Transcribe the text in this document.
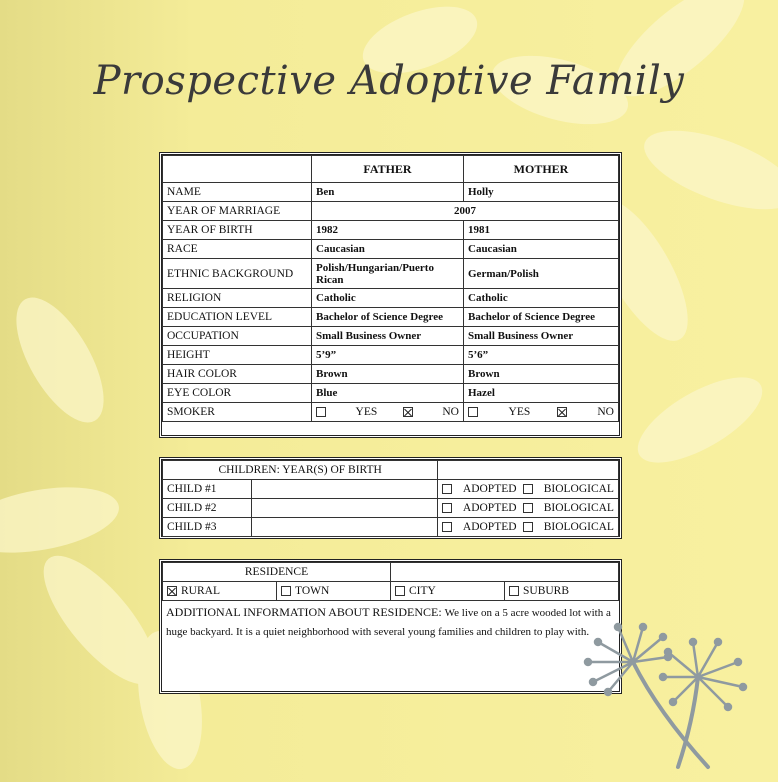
Prospective Adoptive Family
	FATHER	MOTHER
NAME	Ben	Holly
YEAR OF MARRIAGE	2007	
YEAR OF BIRTH	1982	1981
RACE	Caucasian	Caucasian
ETHNIC BACKGROUND	Polish/Hungarian/Puerto Rican	German/Polish
RELIGION	Catholic	Catholic
EDUCATION LEVEL	Bachelor of Science Degree	Bachelor of Science Degree
OCCUPATION	Small Business Owner	Small Business Owner
HEIGHT	5’9”	5’6”
HAIR COLOR	Brown	Brown
EYE COLOR	Blue	Hazel
SMOKER	YES NO	YES NO
CHILDREN: YEAR(S) OF BIRTH		
CHILD #1		ADOPTED BIOLOGICAL

CHILD #2		ADOPTED BIOLOGICAL

CHILD #3		ADOPTED BIOLOGICAL
RESIDENCE			
RURAL	TOWN	CITY	SUBURB
ADDITIONAL INFORMATION ABOUT RESIDENCE: We live on a 5 acre wooded lot with a huge backyard. It is a quiet neighborhood with several young families and children to play with.
